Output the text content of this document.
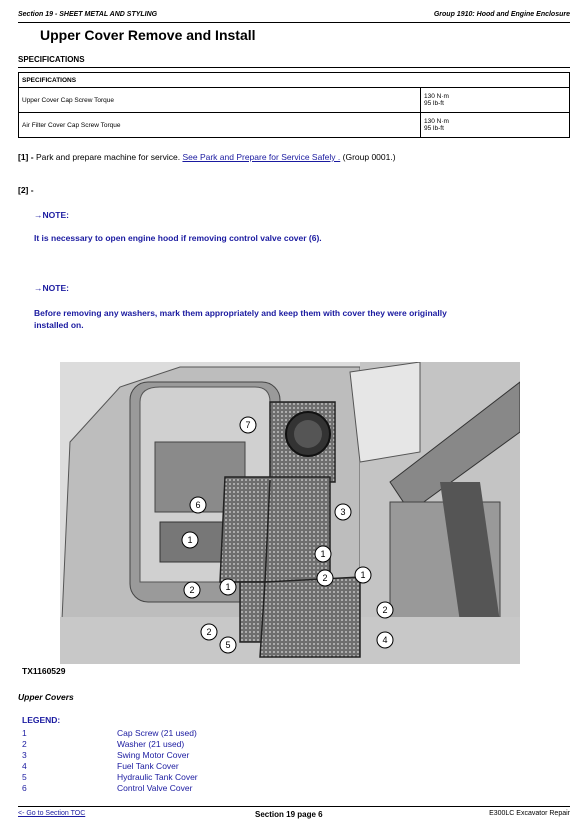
Section 19 - SHEET METAL AND STYLING	Group 1910: Hood and Engine Enclosure
Upper Cover Remove and Install
SPECIFICATIONS
SPECIFICATIONS	
Upper Cover Cap Screw Torque	130 N·m
95 lb-ft

Air Filter Cover Cap Screw Torque	130 N·m
95 lb-ft
[1] - Park and prepare machine for service. See Park and Prepare for Service Safely . (Group 0001.)
[2] -
→NOTE:
It is necessary to open engine hood if removing control valve cover (6).
→NOTE:
Before removing any washers, mark them appropriately and keep them with cover they were originally
installed on.
7
6
3
1
2
1
2
1
1
2
2
5	4
TX1160529
Upper Covers
LEGEND:
1	Cap Screw (21 used)
2	Washer (21 used)
3	Swing Motor Cover
4	Fuel Tank Cover
5	Hydraulic Tank Cover
6	Control Valve Cover
<- Go to Section TOC	Section 19 page 6	E300LC Excavator Repair
